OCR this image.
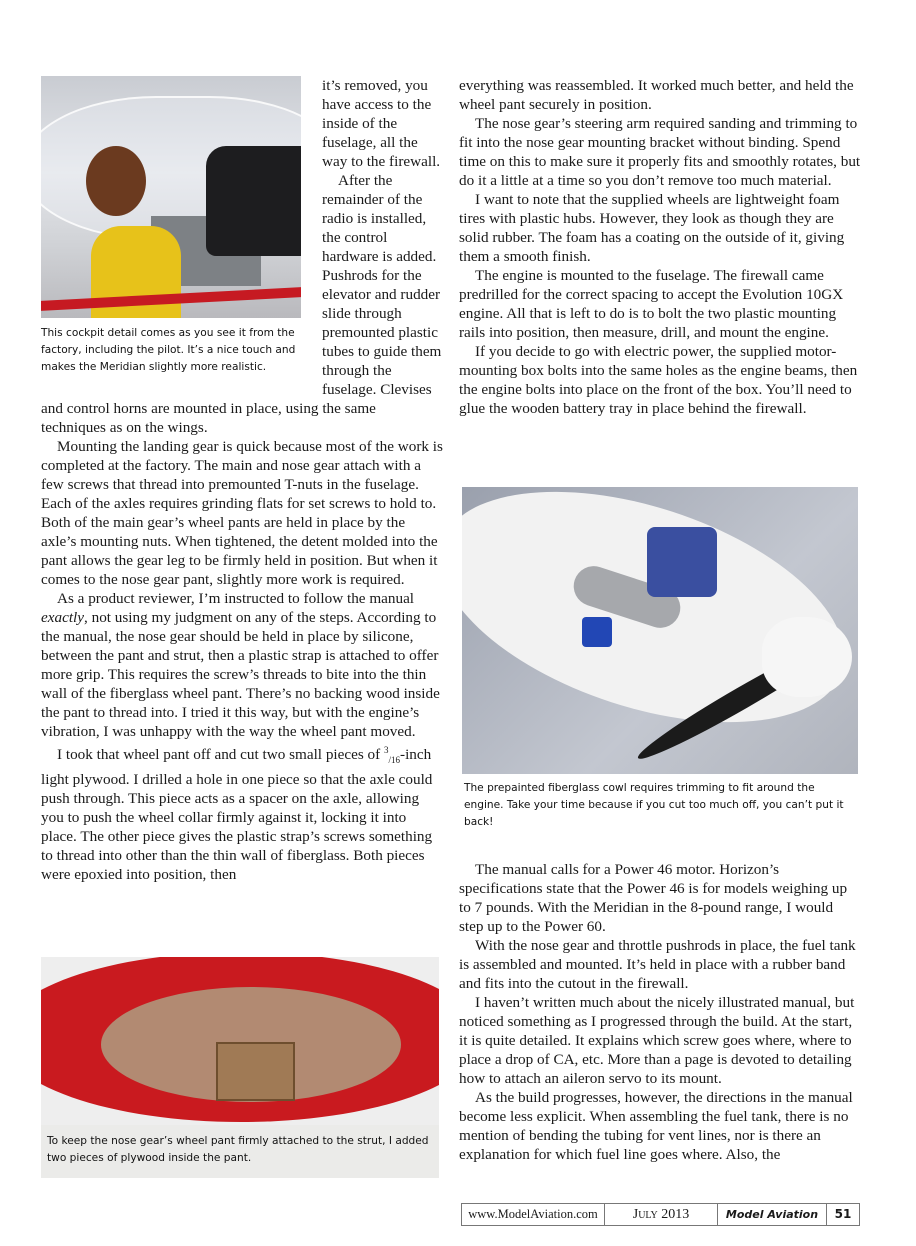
This cockpit detail comes as you see it from the factory, including the pilot. It’s a nice touch and makes the Meridian slightly more realistic.

it’s removed, you have access to the inside of the fuselage, all the way to the firewall.

After the remainder of the radio is installed, the control hardware is added. Pushrods for the elevator and rudder slide through premounted plastic tubes to guide them through the fuselage. Clevises and control horns are mounted in place, using the same techniques as on the wings.

Mounting the landing gear is quick because most of the work is completed at the factory. The main and nose gear attach with a few screws that thread into premounted T-nuts in the fuselage. Each of the axles requires grinding flats for set screws to hold to. Both of the main gear’s wheel pants are held in place by the axle’s mounting nuts. When tightened, the detent molded into the pant allows the gear leg to be firmly held in position. But when it comes to the nose gear pant, slightly more work is required.

As a product reviewer, I’m instructed to follow the manual exactly, not using my judgment on any of the steps. According to the manual, the nose gear should be held in place by silicone, between the pant and strut, then a plastic strap is attached to offer more grip. This requires the screw’s threads to bite into the thin wall of the fiberglass wheel pant. There’s no backing wood inside the pant to thread into. I tried it this way, but with the engine’s vibration, I was unhappy with the way the wheel pant moved.

I took that wheel pant off and cut two small pieces of $^3_{/16}$-inch light plywood. I drilled a hole in one piece so that the axle could push through. This piece acts as a spacer on the axle, allowing you to push the wheel collar firmly against it, locking it into place. The other piece gives the plastic strap’s screws something to thread into other than the thin wall of fiberglass. Both pieces were epoxied into position, then

To keep the nose gear’s wheel pant firmly attached to the strut, I added two pieces of plywood inside the pant.

everything was reassembled. It worked much better, and held the wheel pant securely in position.

The nose gear’s steering arm required sanding and trimming to fit into the nose gear mounting bracket without binding. Spend time on this to make sure it properly fits and smoothly rotates, but do it a little at a time so you don’t remove too much material.

I want to note that the supplied wheels are lightweight foam tires with plastic hubs. However, they look as though they are solid rubber. The foam has a coating on the outside of it, giving them a smooth finish.

The engine is mounted to the fuselage. The firewall came predrilled for the correct spacing to accept the Evolution 10GX engine. All that is left to do is to bolt the two plastic mounting rails into position, then measure, drill, and mount the engine.

If you decide to go with electric power, the supplied motor-mounting box bolts into the same holes as the engine beams, then the engine bolts into place on the front of the box. You’ll need to glue the wooden battery tray in place behind the firewall.

The prepainted fiberglass cowl requires trimming to fit around the engine. Take your time because if you cut too much off, you can’t put it back!

The manual calls for a Power 46 motor. Horizon’s specifications state that the Power 46 is for models weighing up to 7 pounds. With the Meridian in the 8-pound range, I would step up to the Power 60.

With the nose gear and throttle pushrods in place, the fuel tank is assembled and mounted. It’s held in place with a rubber band and fits into the cutout in the firewall.

I haven’t written much about the nicely illustrated manual, but noticed something as I progressed through the build. At the start, it is quite detailed. It explains which screw goes where, where to place a drop of CA, etc. More than a page is devoted to detailing how to attach an aileron servo to its mount.

As the build progresses, however, the directions in the manual become less explicit. When assembling the fuel tank, there is no mention of bending the tubing for vent lines, nor is there an explanation for which fuel line goes where. Also, the

www.ModelAviation.com	July 2013	Model Aviation	51
